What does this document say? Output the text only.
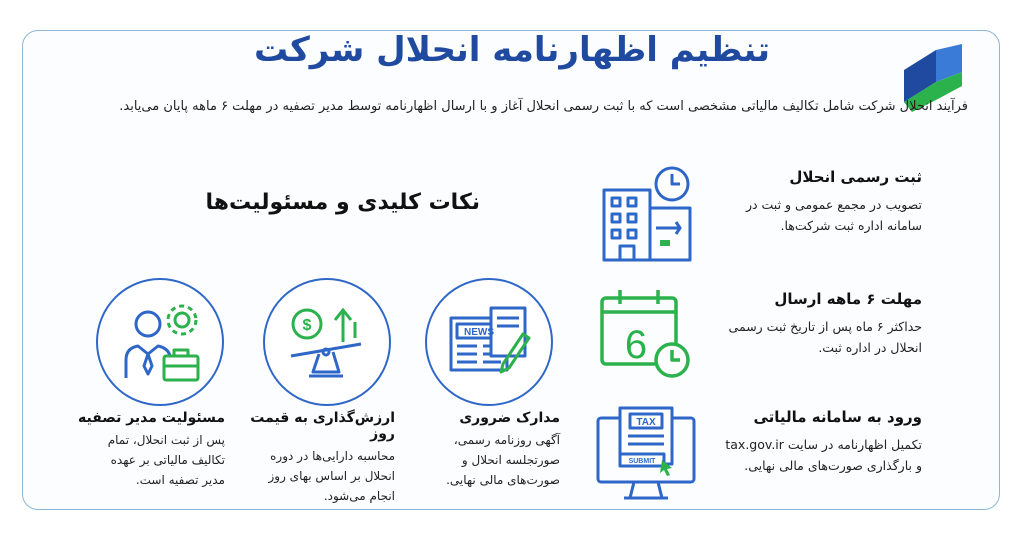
تنظیم اظهارنامه انحلال شرکت
فرآیند انحلال شرکت شامل تکالیف مالیاتی مشخصی است که با ثبت رسمی انحلال آغاز و با ارسال اظهارنامه توسط مدیر تصفیه در مهلت ۶ ماهه پایان می‌یابد.
نکات کلیدی و مسئولیت‌ها
ثبت رسمی انحلال
تصویب در مجمع عمومی و ثبت در
سامانه اداره ثبت شرکت‌ها.
6
مهلت ۶ ماهه ارسال
حداکثر ۶ ماه پس از تاریخ ثبت رسمی
انحلال در اداره ثبت.
TAX
SUBMIT
ورود به سامانه مالیاتی
تکمیل اظهارنامه در سایت tax.gov.ir
و بارگذاری صورت‌های مالی نهایی.
NEWS
$
مدارک ضروری
آگهی روزنامه رسمی،
صورتجلسه انحلال و
صورت‌های مالی نهایی.
ارزش‌گذاری به قیمت روز
محاسبه دارایی‌ها در دوره
انحلال بر اساس بهای روز
انجام می‌شود.
مسئولیت مدیر تصفیه
پس از ثبت انحلال، تمام
تکالیف مالیاتی بر عهده
مدیر تصفیه است.
